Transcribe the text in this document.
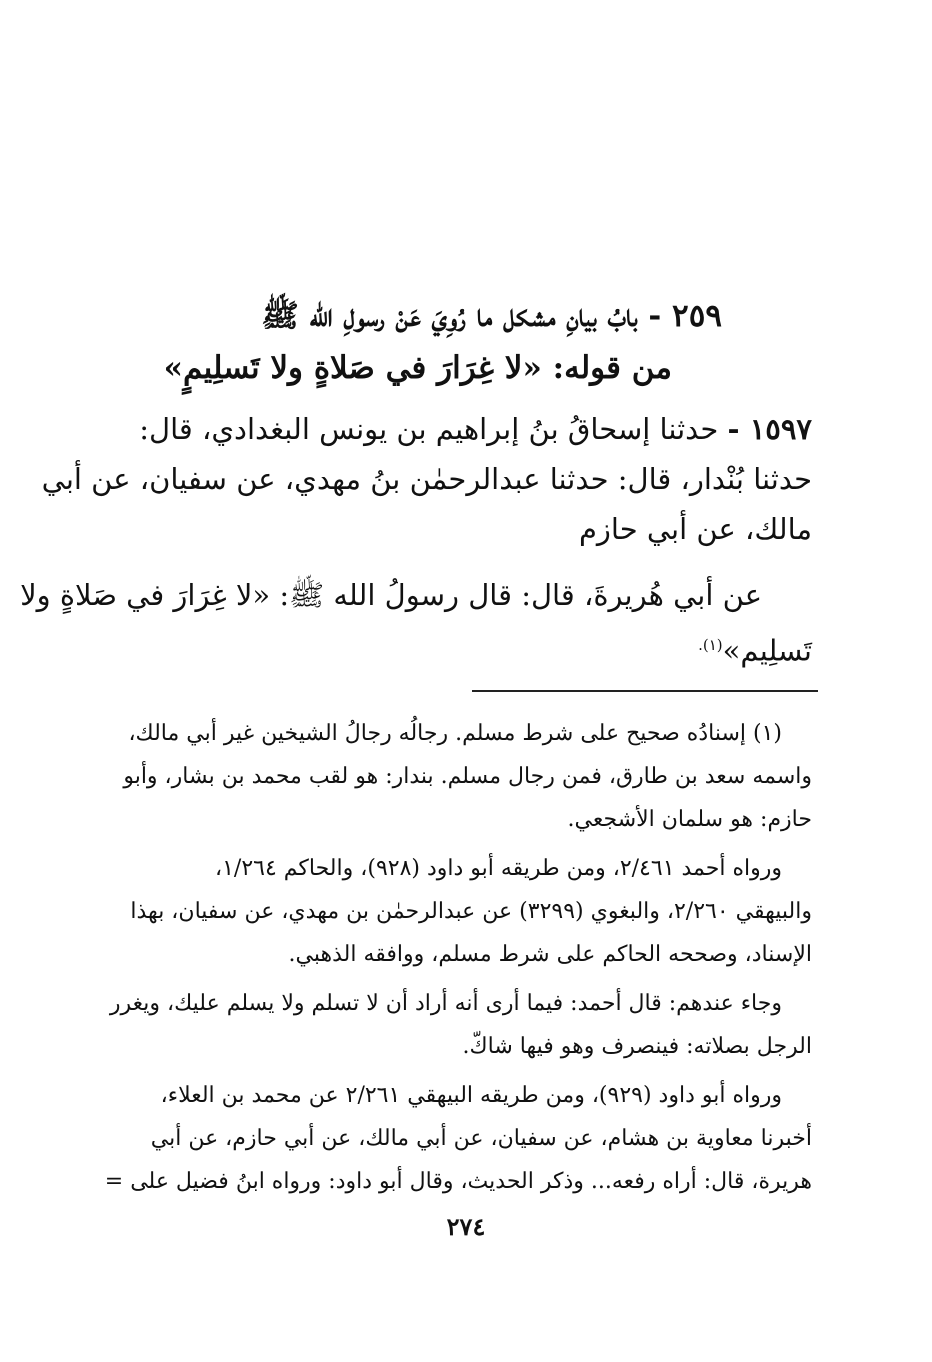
٢٥٩ - بابُ بيانِ مشكل ما رُوِيَ عَنْ رسولِ الله ﷺ
من قوله: «لا غِرَارَ في صَلاةٍ ولا تَسلِيمٍ»
١٥٩٧ - حدثنا إسحاقُ بنُ إبراهيم بن يونس البغدادي، قال:
حدثنا بُنْدار، قال: حدثنا عبدالرحمٰن بنُ مهدي، عن سفيان، عن أبي
مالك، عن أبي حازم
عن أبي هُريرةَ، قال: قال رسولُ الله ﷺ: «لا غِرَارَ في صَلاةٍ ولا
تَسلِيم»$^{(١).}$
(١) إسنادُه صحيح على شرط مسلم. رجالُه رجالُ الشيخين غير أبي مالك،
واسمه سعد بن طارق، فمن رجال مسلم. بندار: هو لقب محمد بن بشار، وأبو
حازم: هو سلمان الأشجعي.
ورواه أحمد ٢/٤٦١، ومن طريقه أبو داود (٩٢٨)، والحاكم ١/٢٦٤،
والبيهقي ٢/٢٦٠، والبغوي (٣٢٩٩) عن عبدالرحمٰن بن مهدي، عن سفيان، بهذا
الإسناد، وصححه الحاكم على شرط مسلم، ووافقه الذهبي.
وجاء عندهم: قال أحمد: فيما أرى أنه أراد أن لا تسلم ولا يسلم عليك، ويغرر
الرجل بصلاته: فينصرف وهو فيها شاكّ.
ورواه أبو داود (٩٢٩)، ومن طريقه البيهقي ٢/٢٦١ عن محمد بن العلاء،
أخبرنا معاوية بن هشام، عن سفيان، عن أبي مالك، عن أبي حازم، عن أبي
هريرة، قال: أراه رفعه... وذكر الحديث، وقال أبو داود: ورواه ابنُ فضيل على =
٢٧٤
